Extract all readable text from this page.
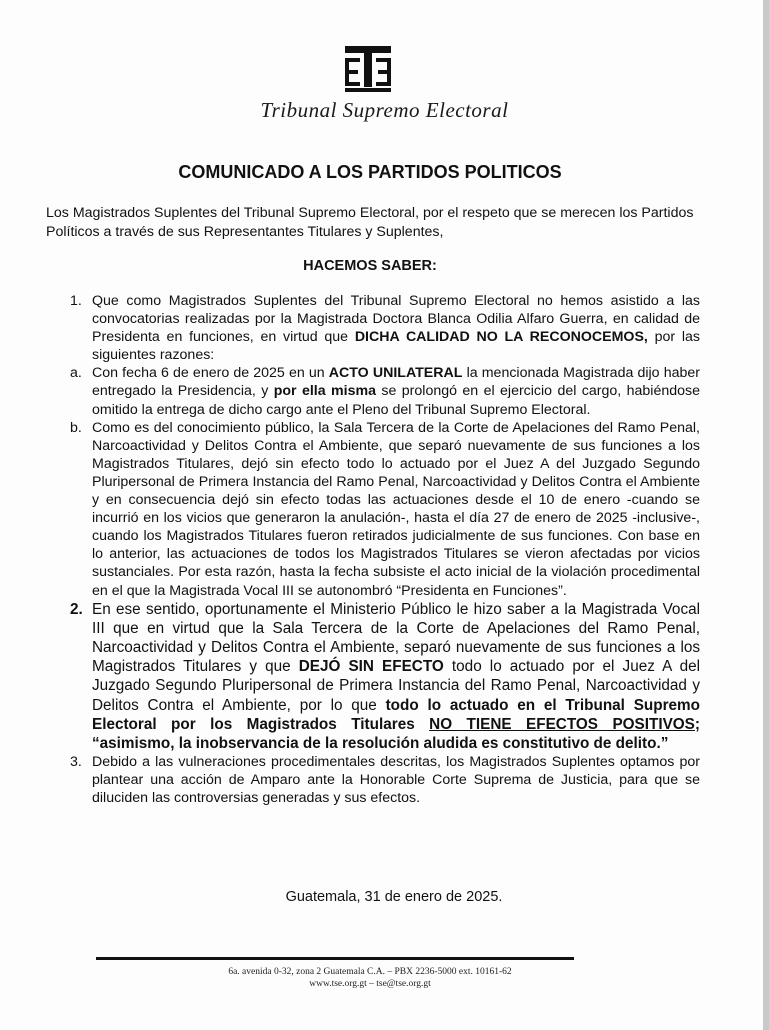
Tribunal Supremo Electoral
COMUNICADO A LOS PARTIDOS POLITICOS
Los Magistrados Suplentes del Tribunal Supremo Electoral, por el respeto que se merecen los Partidos Políticos a través de sus Representantes Titulares y Suplentes,
HACEMOS SABER:

1. Que como Magistrados Suplentes del Tribunal Supremo Electoral no hemos asistido a las convocatorias realizadas por la Magistrada Doctora Blanca Odilia Alfaro Guerra, en calidad de Presidenta en funciones, en virtud que DICHA CALIDAD NO LA RECONOCEMOS, por las siguientes razones:

a. Con fecha 6 de enero de 2025 en un ACTO UNILATERAL la mencionada Magistrada dijo haber entregado la Presidencia, y por ella misma se prolongó en el ejercicio del cargo, habiéndose omitido la entrega de dicho cargo ante el Pleno del Tribunal Supremo Electoral.

b. Como es del conocimiento público, la Sala Tercera de la Corte de Apelaciones del Ramo Penal, Narcoactividad y Delitos Contra el Ambiente, que separó nuevamente de sus funciones a los Magistrados Titulares, dejó sin efecto todo lo actuado por el Juez A del Juzgado Segundo Pluripersonal de Primera Instancia del Ramo Penal, Narcoactividad y Delitos Contra el Ambiente y en consecuencia dejó sin efecto todas las actuaciones desde el 10 de enero -cuando se incurrió en los vicios que generaron la anulación-, hasta el día 27 de enero de 2025 -inclusive-, cuando los Magistrados Titulares fueron retirados judicialmente de sus funciones. Con base en lo anterior, las actuaciones de todos los Magistrados Titulares se vieron afectadas por vicios sustanciales. Por esta razón, hasta la fecha subsiste el acto inicial de la violación procedimental en el que la Magistrada Vocal III se autonombró “Presidenta en Funciones”.

2. En ese sentido, oportunamente el Ministerio Público le hizo saber a la Magistrada Vocal III que en virtud que la Sala Tercera de la Corte de Apelaciones del Ramo Penal, Narcoactividad y Delitos Contra el Ambiente, separó nuevamente de sus funciones a los Magistrados Titulares y que DEJÓ SIN EFECTO todo lo actuado por el Juez A del Juzgado Segundo Pluripersonal de Primera Instancia del Ramo Penal, Narcoactividad y Delitos Contra el Ambiente, por lo que todo lo actuado en el Tribunal Supremo Electoral por los Magistrados Titulares NO TIENE EFECTOS POSITIVOS; “asimismo, la inobservancia de la resolución aludida es constitutivo de delito.”

3. Debido a las vulneraciones procedimentales descritas, los Magistrados Suplentes optamos por plantear una acción de Amparo ante la Honorable Corte Suprema de Justicia, para que se diluciden las controversias generadas y sus efectos.

Guatemala, 31 de enero de 2025.
6a. avenida 0-32, zona 2 Guatemala C.A. – PBX 2236-5000 ext. 10161-62
www.tse.org.gt – tse@tse.org.gt
